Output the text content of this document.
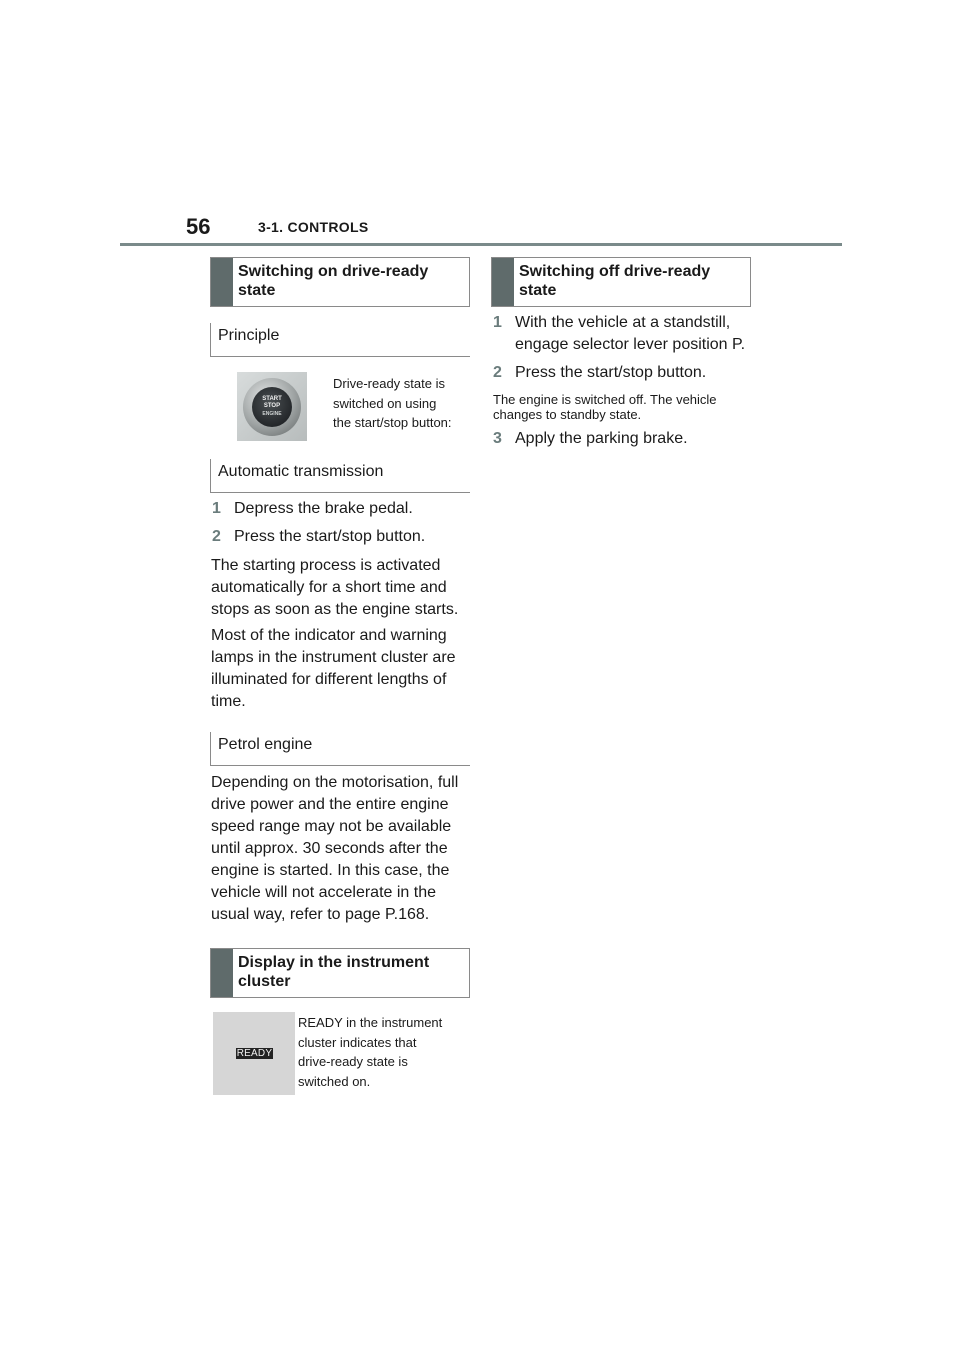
56	3-1. CONTROLS
Switching on drive-ready state
Principle
START
STOP
ENGINE
Drive-ready state is
switched on using
the start/stop button:
Automatic transmission
1 Depress the brake pedal.
2 Press the start/stop button.
The starting process is activated
automatically for a short time and
stops as soon as the engine starts.
Most of the indicator and warning
lamps in the instrument cluster are
illuminated for different lengths of
time.
Petrol engine
Depending on the motorisation, full
drive power and the entire engine
speed range may not be available
until approx. 30 seconds after the
engine is started. In this case, the
vehicle will not accelerate in the
usual way, refer to page P.168.
Display in the instrument cluster
READY
READY in the instrument
cluster indicates that
drive-ready state is
switched on.
Switching off drive-ready state
1 With the vehicle at a standstill,
engage selector lever position P.
2 Press the start/stop button.
The engine is switched off. The vehicle
changes to standby state.
3 Apply the parking brake.
